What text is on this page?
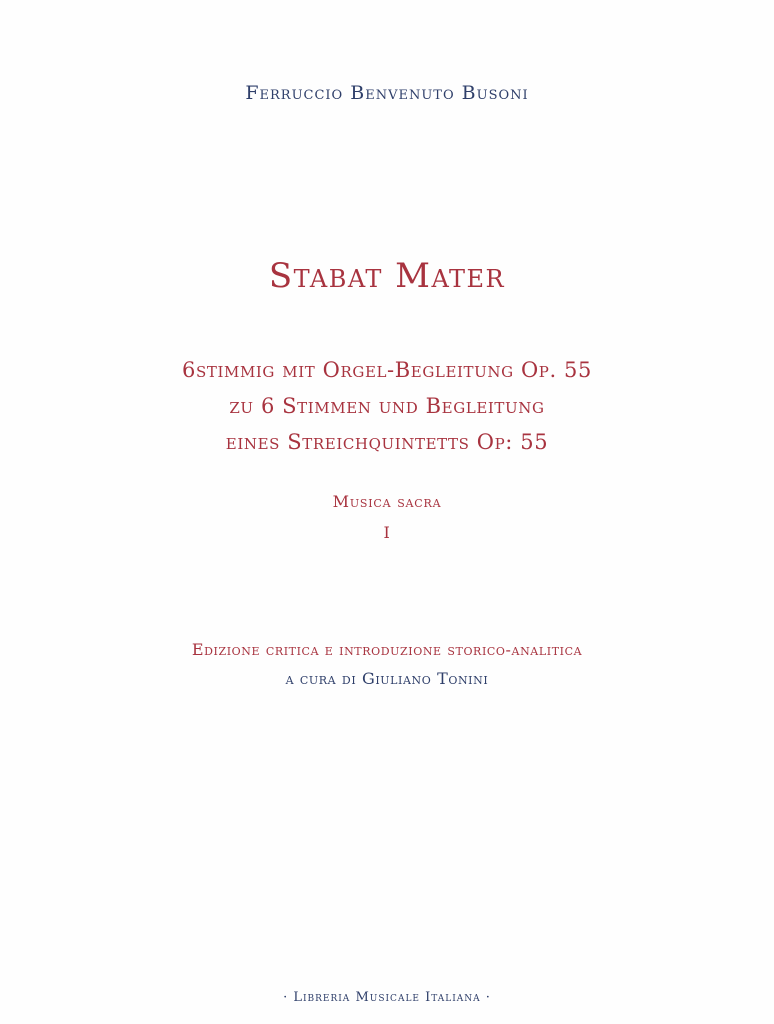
Ferruccio Benvenuto Busoni
Stabat Mater
6stimmig mit Orgel-Begleitung Op. 55
zu 6 Stimmen und Begleitung
eines Streichquintetts Op: 55
Musica sacra
I
Edizione critica e introduzione storico-analitica
a cura di Giuliano Tonini
· Libreria Musicale Italiana ·
